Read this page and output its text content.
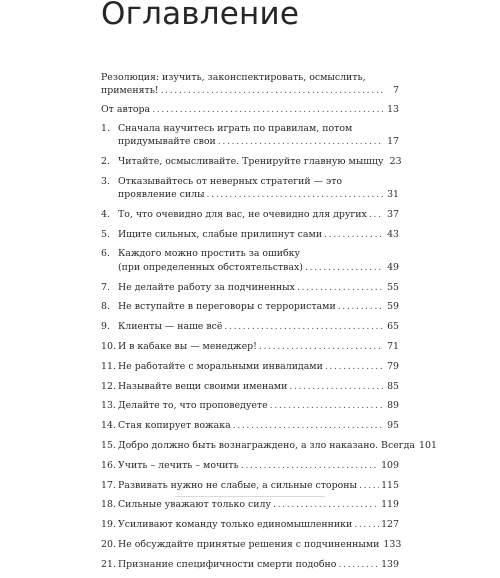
Оглавление
Резолюция: изучить, законспектировать, осмыслить,
применять! .....	7
От автора .....	13
1. Сначала научитесь играть по правилам, потом
придумывайте свои .....	17
2. Читайте, осмысливайте. Тренируйте главную мышцу 23
3. Отказывайтесь от неверных стратегий — это
проявление силы .....	31
4. То, что очевидно для вас, не очевидно для других ..... 37
5. Ищите сильных, слабые прилипнут сами .....	43
6. Каждого можно простить за ошибку
(при определенных обстоятельствах) .....	49
7. Не делайте работу за подчиненных .....	55
8. Не вступайте в переговоры с террористами .....	59
9. Клиенты — наше всё .....	65
10. И в кабаке вы — менеджер! .....	71
11. Не работайте с моральными инвалидами .....	79
12. Называйте вещи своими именами .....	85
13. Делайте то, что проповедуете .....	89
14. Стая копирует вожака .....	95
15. Добро должно быть вознаграждено, а зло наказано. Всегда 101
16. Учить – лечить – мочить .....	109
17. Развивать нужно не слабые, а сильные стороны .....	115
18. Сильные уважают только силу .....	119
19. Усиливают команду только единомышленники .....	127
20. Не обсуждайте принятые решения с подчиненными 133
21. Признание специфичности смерти подобно .....	139
